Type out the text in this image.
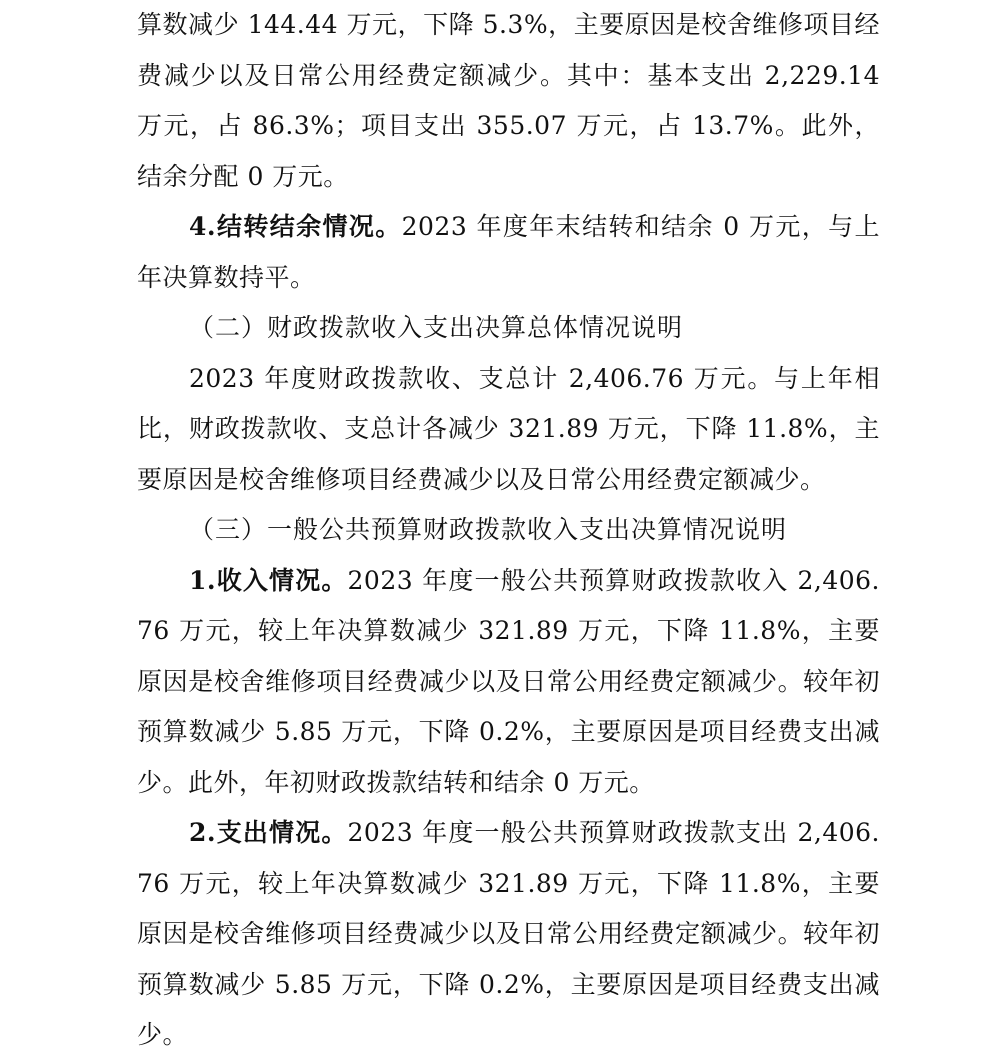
算数减少 144.44 万元，下降 5.3%，主要原因是校舍维修项目经费减少以及日常公用经费定额减少。其中：基本支出 2,229.14 万元，占 86.3%；项目支出 355.07 万元，占 13.7%。此外，结余分配 0 万元。

4.结转结余情况。2023 年度年末结转和结余 0 万元，与上年决算数持平。

（二）财政拨款收入支出决算总体情况说明

2023 年度财政拨款收、支总计 2,406.76 万元。与上年相比，财政拨款收、支总计各减少 321.89 万元，下降 11.8%，主要原因是校舍维修项目经费减少以及日常公用经费定额减少。

（三）一般公共预算财政拨款收入支出决算情况说明

1.收入情况。2023 年度一般公共预算财政拨款收入 2,406.76 万元，较上年决算数减少 321.89 万元，下降 11.8%，主要原因是校舍维修项目经费减少以及日常公用经费定额减少。较年初预算数减少 5.85 万元，下降 0.2%，主要原因是项目经费支出减少。此外，年初财政拨款结转和结余 0 万元。

2.支出情况。2023 年度一般公共预算财政拨款支出 2,406.76 万元，较上年决算数减少 321.89 万元，下降 11.8%，主要原因是校舍维修项目经费减少以及日常公用经费定额减少。较年初预算数减少 5.85 万元，下降 0.2%，主要原因是项目经费支出减少。
